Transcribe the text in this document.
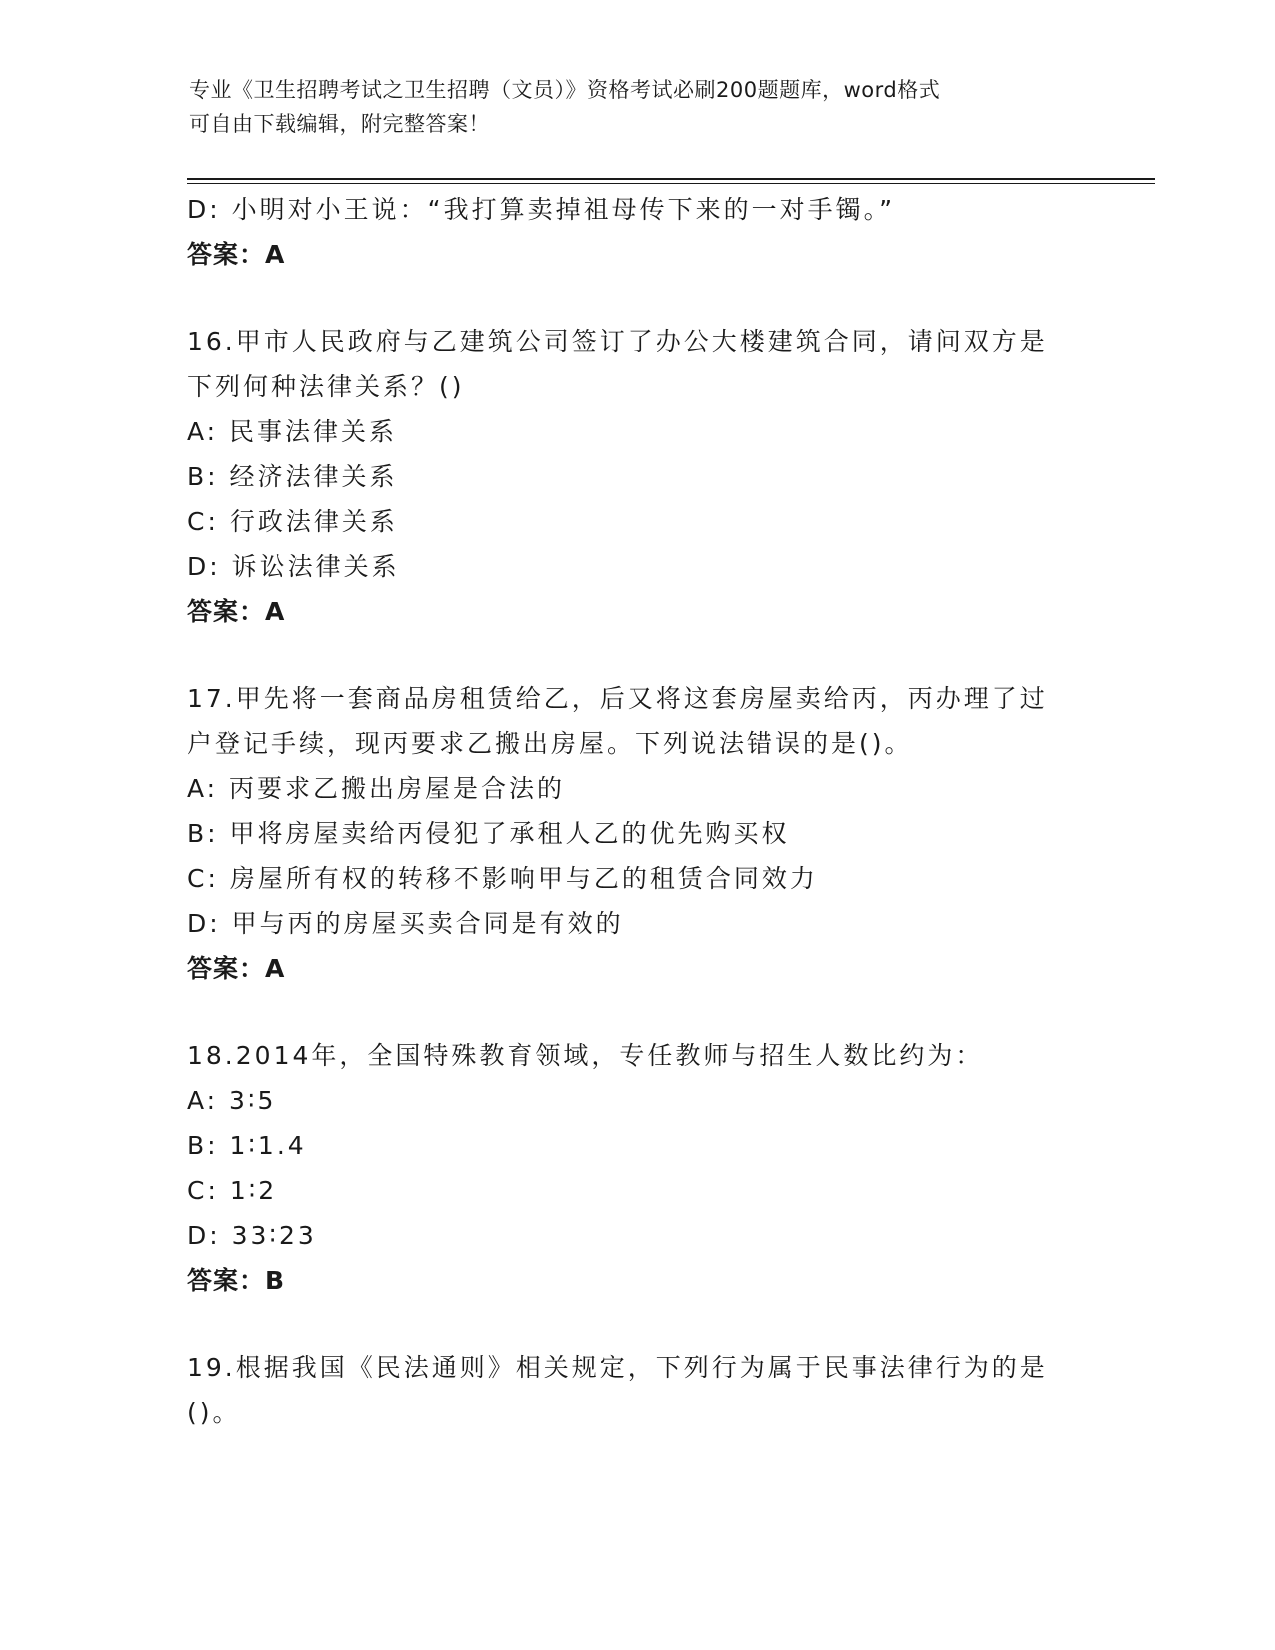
专业《卫生招聘考试之卫生招聘（文员）》资格考试必刷200题题库，word格式
可自由下载编辑，附完整答案！
D: 小明对小王说：“我打算卖掉祖母传下来的一对手镯。”
答案：A
16.甲市人民政府与乙建筑公司签订了办公大楼建筑合同，请问双方是
下列何种法律关系？()
A: 民事法律关系
B: 经济法律关系
C: 行政法律关系
D: 诉讼法律关系
答案：A
17.甲先将一套商品房租赁给乙，后又将这套房屋卖给丙，丙办理了过
户登记手续，现丙要求乙搬出房屋。下列说法错误的是()。
A: 丙要求乙搬出房屋是合法的
B: 甲将房屋卖给丙侵犯了承租人乙的优先购买权
C: 房屋所有权的转移不影响甲与乙的租赁合同效力
D: 甲与丙的房屋买卖合同是有效的
答案：A
18.2014年，全国特殊教育领域，专任教师与招生人数比约为：
A: 3∶5
B: 1∶1.4
C: 1∶2
D: 33∶23
答案：B
19.根据我国《民法通则》相关规定，下列行为属于民事法律行为的是
()。
